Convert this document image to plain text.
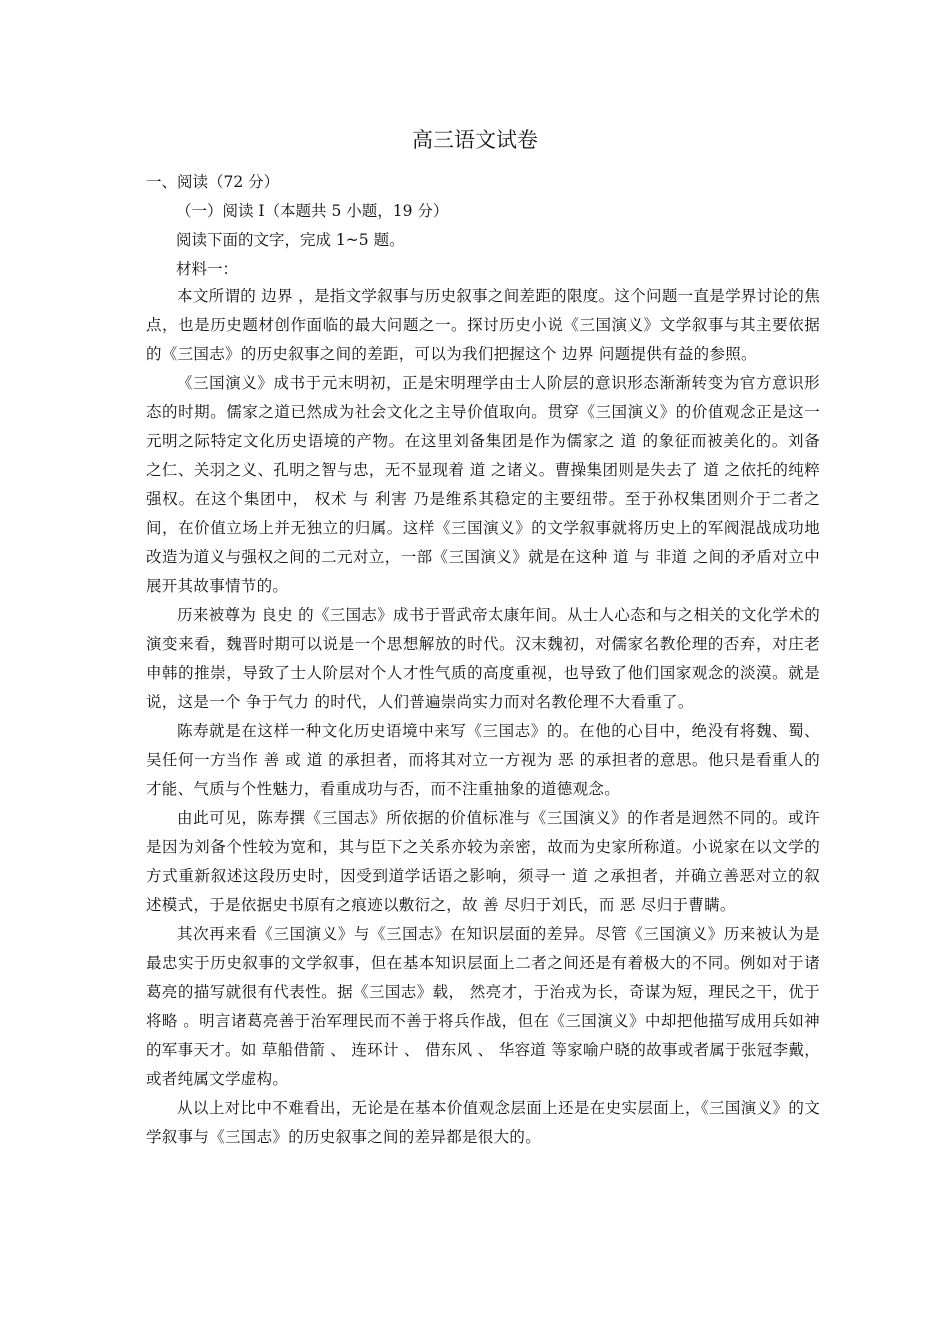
高三语文试卷
一、阅读（72 分）
（一）阅读 I（本题共 5 小题，19 分）
阅读下面的文字，完成 1~5 题。
材料一：

本文所谓的 边界 ，是指文学叙事与历史叙事之间差距的限度。这个问题一直是学界讨论的焦点，也是历史题材创作面临的最大问题之一。探讨历史小说《三国演义》文学叙事与其主要依据的《三国志》的历史叙事之间的差距，可以为我们把握这个 边界 问题提供有益的参照。

《三国演义》成书于元末明初，正是宋明理学由士人阶层的意识形态渐渐转变为官方意识形态的时期。儒家之道已然成为社会文化之主导价值取向。贯穿《三国演义》的价值观念正是这一元明之际特定文化历史语境的产物。在这里刘备集团是作为儒家之 道 的象征而被美化的。刘备之仁、关羽之义、孔明之智与忠，无不显现着 道 之诸义。曹操集团则是失去了 道 之依托的纯粹强权。在这个集团中， 权术 与 利害 乃是维系其稳定的主要纽带。至于孙权集团则介于二者之间，在价值立场上并无独立的归属。这样《三国演义》的文学叙事就将历史上的军阀混战成功地改造为道义与强权之间的二元对立，一部《三国演义》就是在这种 道 与 非道 之间的矛盾对立中展开其故事情节的。

历来被尊为 良史 的《三国志》成书于晋武帝太康年间。从士人心态和与之相关的文化学术的演变来看，魏晋时期可以说是一个思想解放的时代。汉末魏初，对儒家名教伦理的否弃，对庄老申韩的推崇，导致了士人阶层对个人才性气质的高度重视，也导致了他们国家观念的淡漠。就是说，这是一个 争于气力 的时代，人们普遍崇尚实力而对名教伦理不大看重了。

陈寿就是在这样一种文化历史语境中来写《三国志》的。在他的心目中，绝没有将魏、蜀、吴任何一方当作 善 或 道 的承担者，而将其对立一方视为 恶 的承担者的意思。他只是看重人的才能、气质与个性魅力，看重成功与否，而不注重抽象的道德观念。

由此可见，陈寿撰《三国志》所依据的价值标准与《三国演义》的作者是迥然不同的。或许是因为刘备个性较为宽和，其与臣下之关系亦较为亲密，故而为史家所称道。小说家在以文学的方式重新叙述这段历史时，因受到道学话语之影响，须寻一 道 之承担者，并确立善恶对立的叙述模式，于是依据史书原有之痕迹以敷衍之，故 善 尽归于刘氏，而 恶 尽归于曹瞒。

其次再来看《三国演义》与《三国志》在知识层面的差异。尽管《三国演义》历来被认为是最忠实于历史叙事的文学叙事，但在基本知识层面上二者之间还是有着极大的不同。例如对于诸葛亮的描写就很有代表性。据《三国志》载， 然亮才，于治戎为长，奇谋为短，理民之干，优于将略 。明言诸葛亮善于治军理民而不善于将兵作战，但在《三国演义》中却把他描写成用兵如神的军事天才。如 草船借箭 、 连环计 、 借东风 、 华容道 等家喻户晓的故事或者属于张冠李戴，或者纯属文学虚构。

从以上对比中不难看出，无论是在基本价值观念层面上还是在史实层面上，《三国演义》的文学叙事与《三国志》的历史叙事之间的差异都是很大的。
